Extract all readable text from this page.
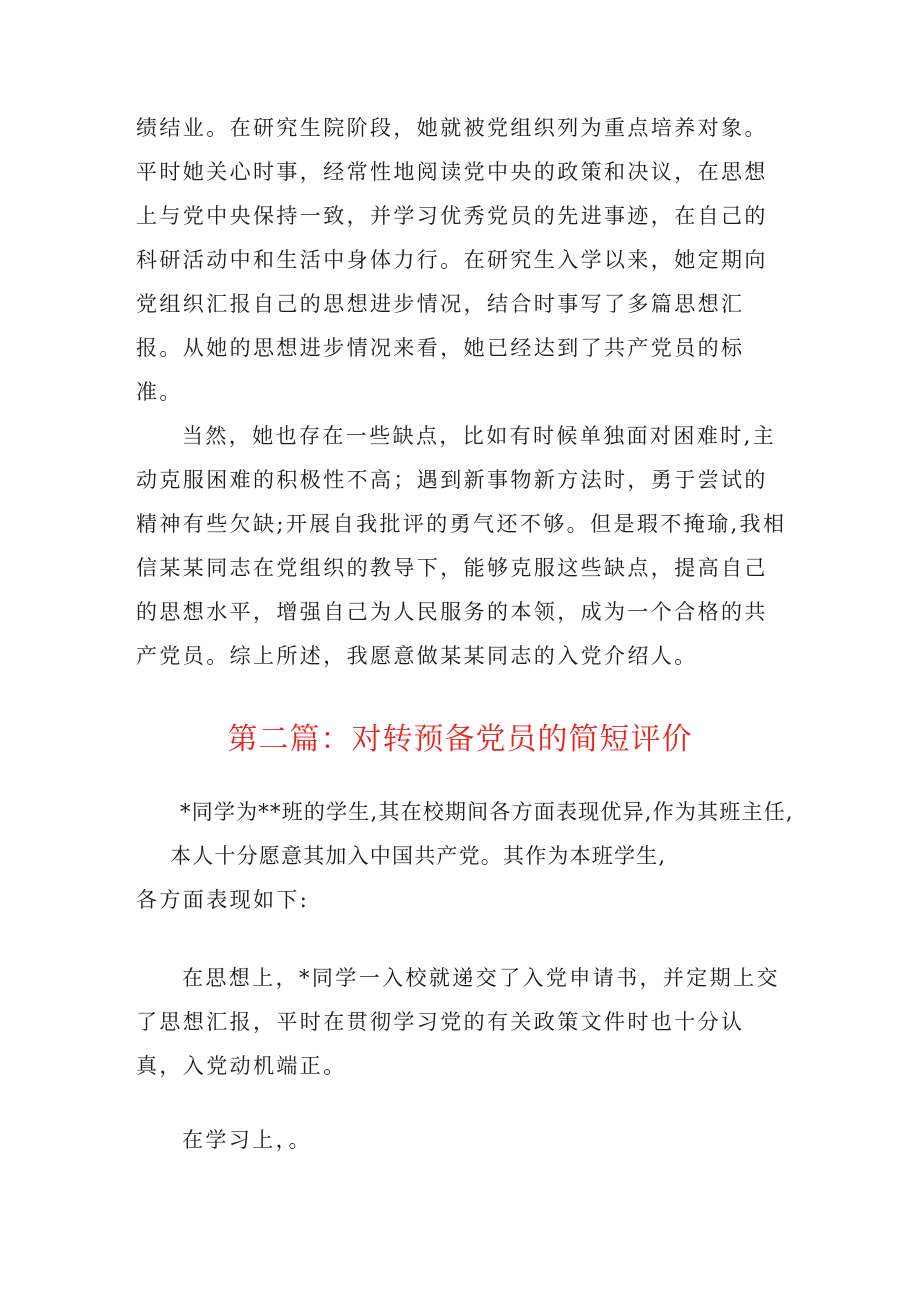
绩结业。在研究生院阶段，她就被党组织列为重点培养对象。平时她关心时事，经常性地阅读党中央的政策和决议，在思想上与党中央保持一致，并学习优秀党员的先进事迹，在自己的科研活动中和生活中身体力行。在研究生入学以来，她定期向党组织汇报自己的思想进步情况，结合时事写了多篇思想汇报。从她的思想进步情况来看，她已经达到了共产党员的标准。

当然，她也存在一些缺点，比如有时候单独面对困难时,主动克服困难的积极性不高；遇到新事物新方法时，勇于尝试的精神有些欠缺;开展自我批评的勇气还不够。但是瑕不掩瑜,我相信某某同志在党组织的教导下，能够克服这些缺点，提高自己的思想水平，增强自己为人民服务的本领，成为一个合格的共产党员。综上所述，我愿意做某某同志的入党介绍人。

第二篇：对转预备党员的简短评价

*同学为**班的学生,其在校期间各方面表现优异,作为其班主任,本人十分愿意其加入中国共产党。其作为本班学生,

各方面表现如下:

在思想上，*同学一入校就递交了入党申请书，并定期上交了思想汇报，平时在贯彻学习党的有关政策文件时也十分认真，入党动机端正。

在学习上，。
